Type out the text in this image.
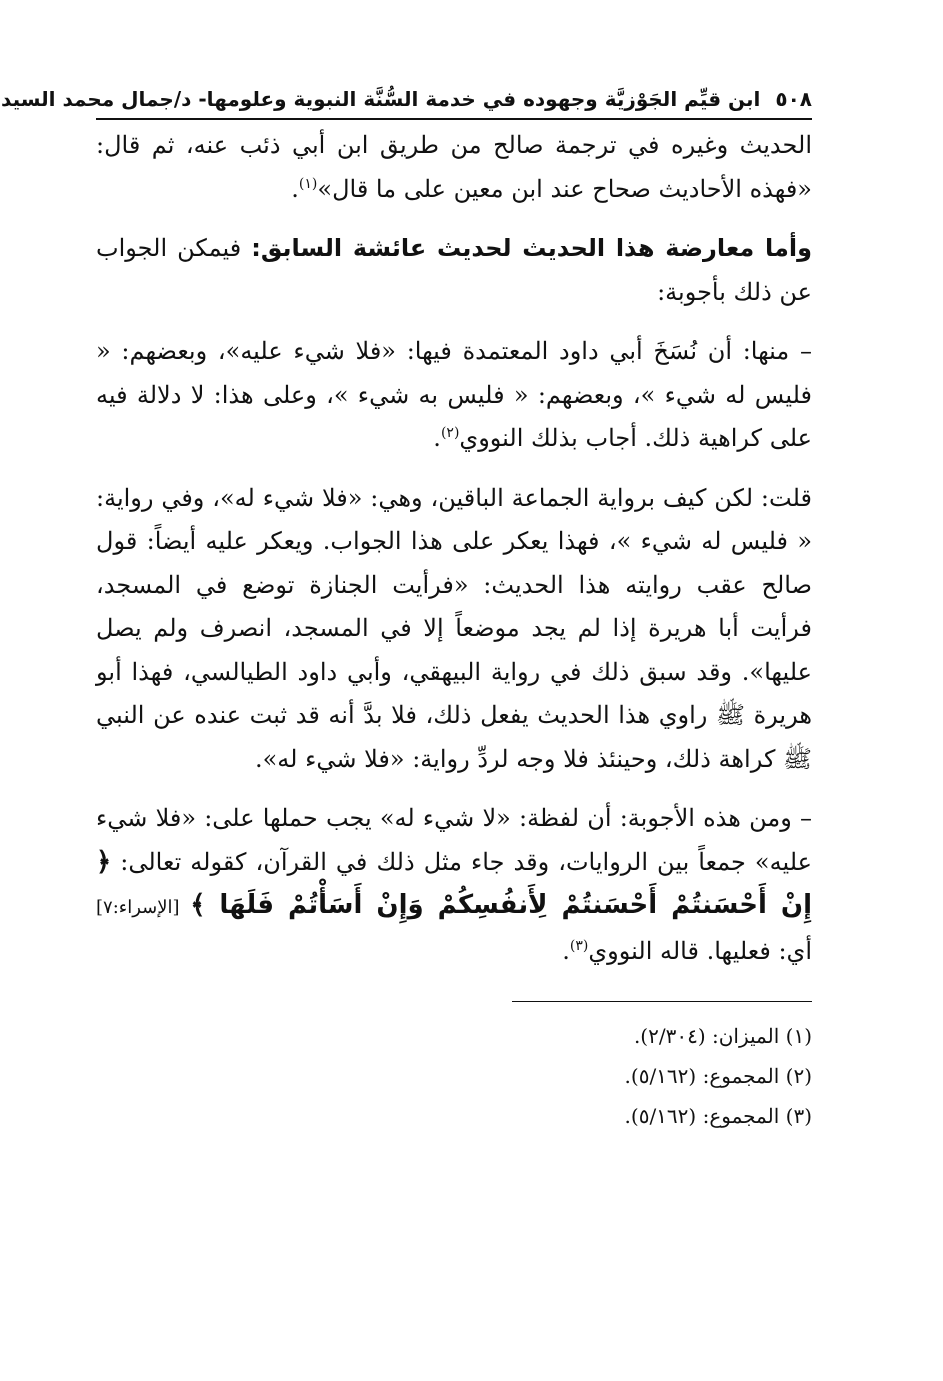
٥٠٨ ابن قيِّم الجَوْزيَّة وجهوده في خدمة السُّنَّة النبوية وعلومها- د/جمال محمد السيد

الحديث وغيره في ترجمة صالح من طريق ابن أبي ذئب عنه، ثم قال: «فهذه الأحاديث صحاح عند ابن معين على ما قال»$^{(١)}$.

وأما معارضة هذا الحديث لحديث عائشة السابق: فيمكن الجواب عن ذلك بأجوبة:

– منها: أن نُسَخَ أبي داود المعتمدة فيها: «فلا شيء عليه»، وبعضهم: « فليس له شيء »، وبعضهم: « فليس به شيء »، وعلى هذا: لا دلالة فيه على كراهية ذلك. أجاب بذلك النووي$^{(٢)}$.

قلت: لكن كيف برواية الجماعة الباقين، وهي: «فلا شيء له»، وفي رواية: « فليس له شيء »، فهذا يعكر على هذا الجواب. ويعكر عليه أيضاً: قول صالح عقب روايته هذا الحديث: «فرأيت الجنازة توضع في المسجد، فرأيت أبا هريرة إذا لم يجد موضعاً إلا في المسجد، انصرف ولم يصل عليها». وقد سبق ذلك في رواية البيهقي، وأبي داود الطيالسي، فهذا أبو هريرة ﷺ راوي هذا الحديث يفعل ذلك، فلا بدَّ أنه قد ثبت عنده عن النبي ﷺ كراهة ذلك، وحينئذ فلا وجه لردِّ رواية: «فلا شيء له».

– ومن هذه الأجوبة: أن لفظة: «لا شيء له» يجب حملها على: «فلا شيء عليه» جمعاً بين الروايات، وقد جاء مثل ذلك في القرآن، كقوله تعالى: ﴿ إِنْ أَحْسَنتُمْ أَحْسَنتُمْ لِأَنفُسِكُمْ وَإِنْ أَسَأْتُمْ فَلَهَا ﴾ [الإسراء:٧] أي: فعليها. قاله النووي$^{(٣)}$.

(١) الميزان: (٢/٣٠٤).

(٢) المجموع: (٥/١٦٢).

(٣) المجموع: (٥/١٦٢).
